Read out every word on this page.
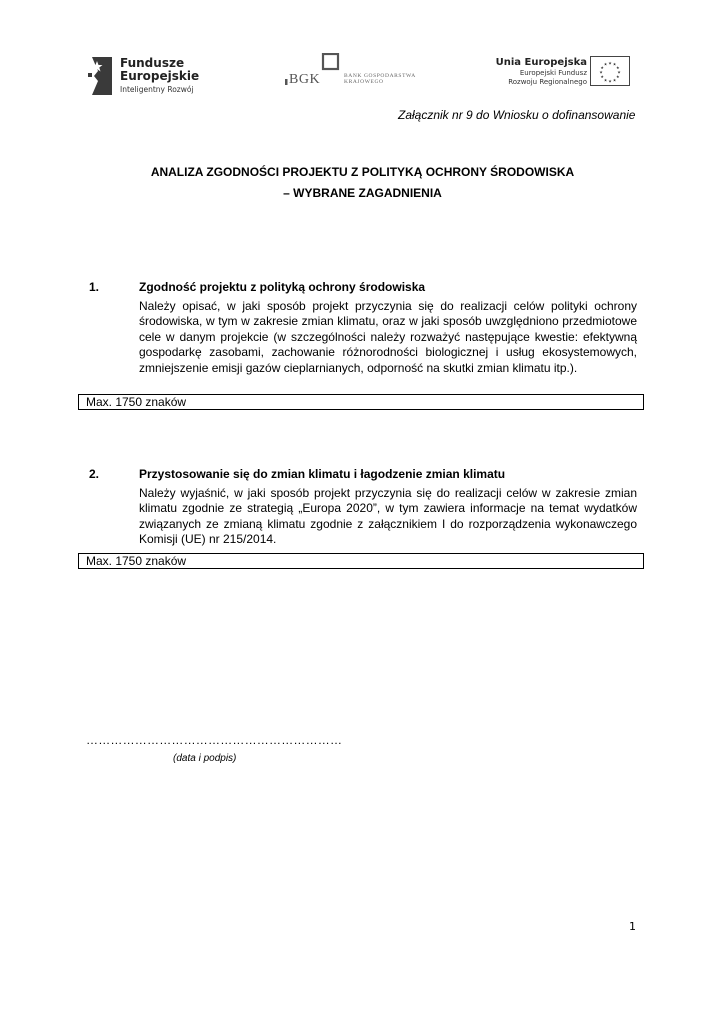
Fundusze
Europejskie
Inteligentny Rozwój
BGK	BANK GOSPODARSTWA
KRAJOWEGO
Unia Europejska
Europejski Fundusz
Rozwoju Regionalnego
★ ★
★
★
★
★
★
★
★
★
★
★
Załącznik nr 9 do Wniosku o dofinansowanie
ANALIZA ZGODNOŚCI PROJEKTU Z POLITYKĄ OCHRONY ŚRODOWISKA
– WYBRANE ZAGADNIENIA
1.	Zgodność projektu z polityką ochrony środowiska
Należy opisać, w jaki sposób projekt przyczynia się do realizacji celów polityki ochrony środowiska, w tym w zakresie zmian klimatu, oraz w jaki sposób uwzględniono przedmiotowe cele w danym projekcie (w szczególności należy rozważyć następujące kwestie: efektywną gospodarkę zasobami, zachowanie różnorodności biologicznej i usług ekosystemowych, zmniejszenie emisji gazów cieplarnianych, odporność na skutki zmian klimatu itp.).
Max. 1750 znaków
2.	Przystosowanie się do zmian klimatu i łagodzenie zmian klimatu
Należy wyjaśnić, w jaki sposób projekt przyczynia się do realizacji celów w zakresie zmian klimatu zgodnie ze strategią „Europa 2020”, w tym zawiera informacje na temat wydatków związanych ze zmianą klimatu zgodnie z załącznikiem I do rozporządzenia wykonawczego Komisji (UE) nr 215/2014.
Max. 1750 znaków
………………………………………………………
(data i podpis)
1
